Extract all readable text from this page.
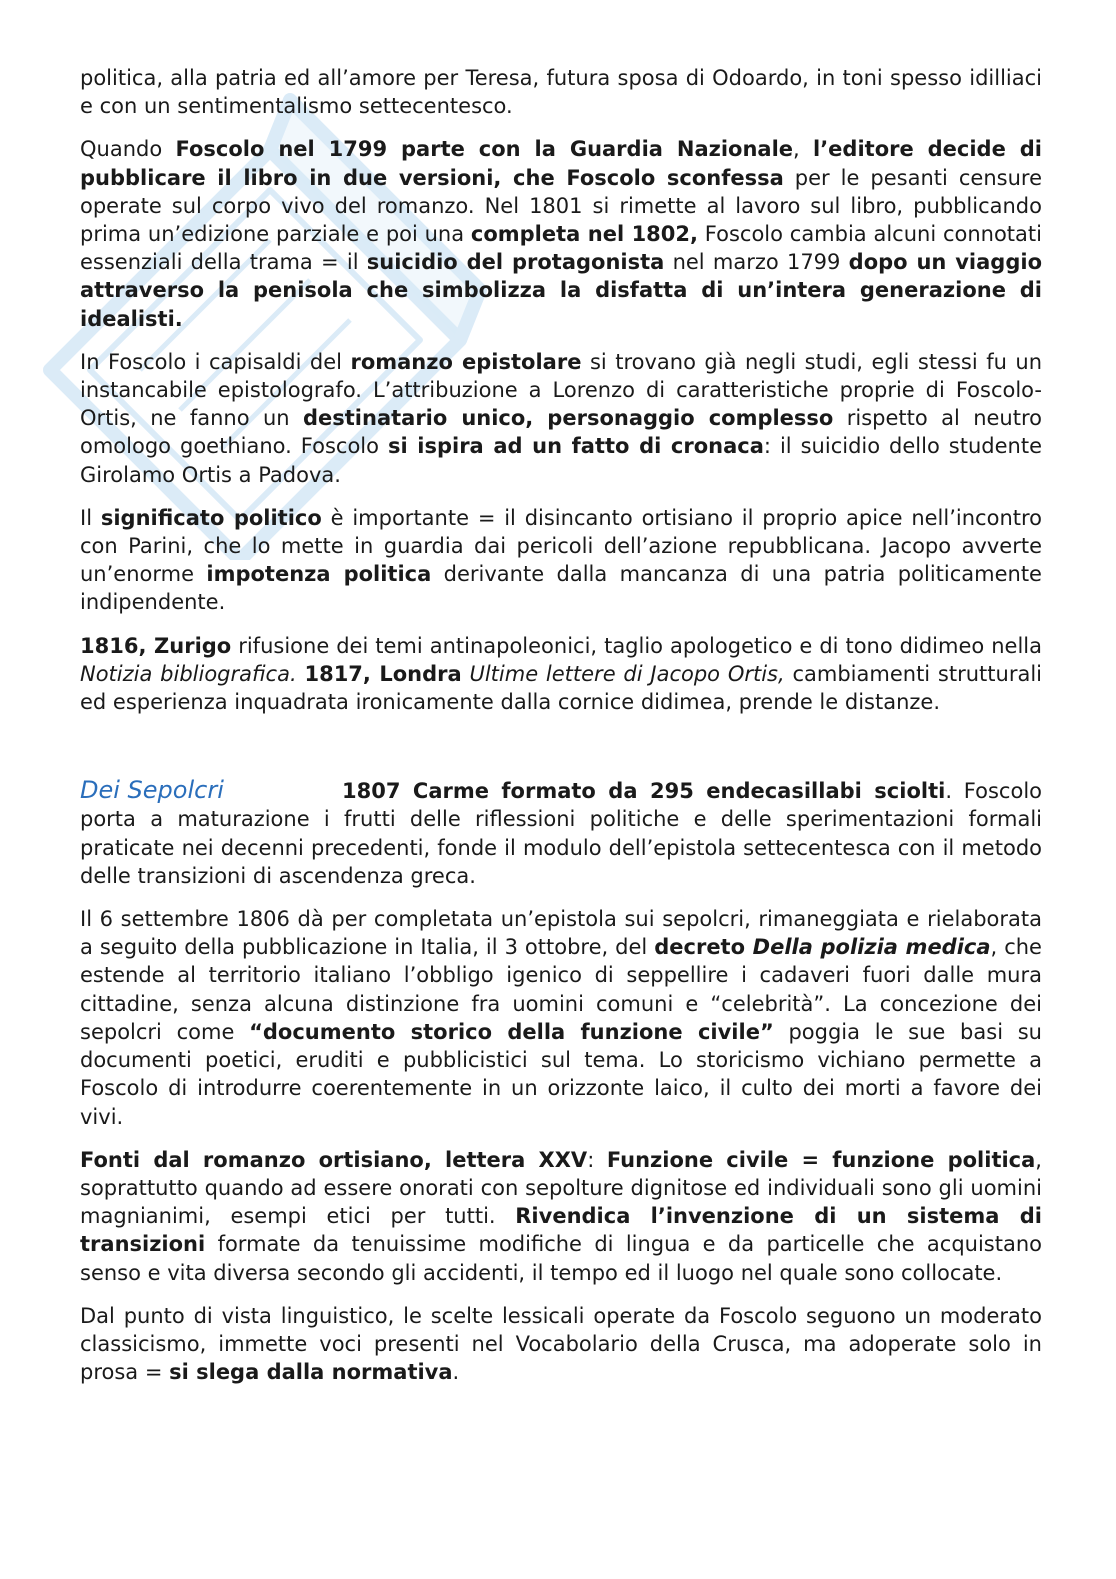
politica, alla patria ed all’amore per Teresa, futura sposa di Odoardo, in toni spesso idilliaci e con un sentimentalismo settecentesco.

Quando Foscolo nel 1799 parte con la Guardia Nazionale, l’editore decide di pubblicare il libro in due versioni, che Foscolo sconfessa per le pesanti censure operate sul corpo vivo del romanzo. Nel 1801 si rimette al lavoro sul libro, pubblicando prima un’edizione parziale e poi una completa nel 1802, Foscolo cambia alcuni connotati essenziali della trama = il suicidio del protagonista nel marzo 1799 dopo un viaggio attraverso la penisola che simbolizza la disfatta di un’intera generazione di idealisti.

In Foscolo i capisaldi del romanzo epistolare si trovano già negli studi, egli stessi fu un instancabile epistolografo. L’attribuzione a Lorenzo di caratteristiche proprie di Foscolo-Ortis, ne fanno un destinatario unico, personaggio complesso rispetto al neutro omologo goethiano. Foscolo si ispira ad un fatto di cronaca: il suicidio dello studente Girolamo Ortis a Padova.

Il significato politico è importante = il disincanto ortisiano il proprio apice nell’incontro con Parini, che lo mette in guardia dai pericoli dell’azione repubblicana. Jacopo avverte un’enorme impotenza politica derivante dalla mancanza di una patria politicamente indipendente.

1816, Zurigo rifusione dei temi antinapoleonici, taglio apologetico e di tono didimeo nella Notizia bibliografica. 1817, Londra Ultime lettere di Jacopo Ortis, cambiamenti strutturali ed esperienza inquadrata ironicamente dalla cornice didimea, prende le distanze.

Dei Sepolcri	1807 Carme formato da 295 endecasillabi sciolti. Foscolo porta a maturazione i frutti delle riflessioni politiche e delle sperimentazioni formali praticate nei decenni precedenti, fonde il modulo dell’epistola settecentesca con il metodo delle transizioni di ascendenza greca.

Il 6 settembre 1806 dà per completata un’epistola sui sepolcri, rimaneggiata e rielaborata a seguito della pubblicazione in Italia, il 3 ottobre, del decreto Della polizia medica, che estende al territorio italiano l’obbligo igenico di seppellire i cadaveri fuori dalle mura cittadine, senza alcuna distinzione fra uomini comuni e “celebrità”. La concezione dei sepolcri come “documento storico della funzione civile” poggia le sue basi su documenti poetici, eruditi e pubblicistici sul tema. Lo storicismo vichiano permette a Foscolo di introdurre coerentemente in un orizzonte laico, il culto dei morti a favore dei vivi.

Fonti dal romanzo ortisiano, lettera XXV: Funzione civile = funzione politica, soprattutto quando ad essere onorati con sepolture dignitose ed individuali sono gli uomini magnianimi, esempi etici per tutti. Rivendica l’invenzione di un sistema di transizioni formate da tenuissime modifiche di lingua e da particelle che acquistano senso e vita diversa secondo gli accidenti, il tempo ed il luogo nel quale sono collocate.

Dal punto di vista linguistico, le scelte lessicali operate da Foscolo seguono un moderato classicismo, immette voci presenti nel Vocabolario della Crusca, ma adoperate solo in prosa = si slega dalla normativa.
